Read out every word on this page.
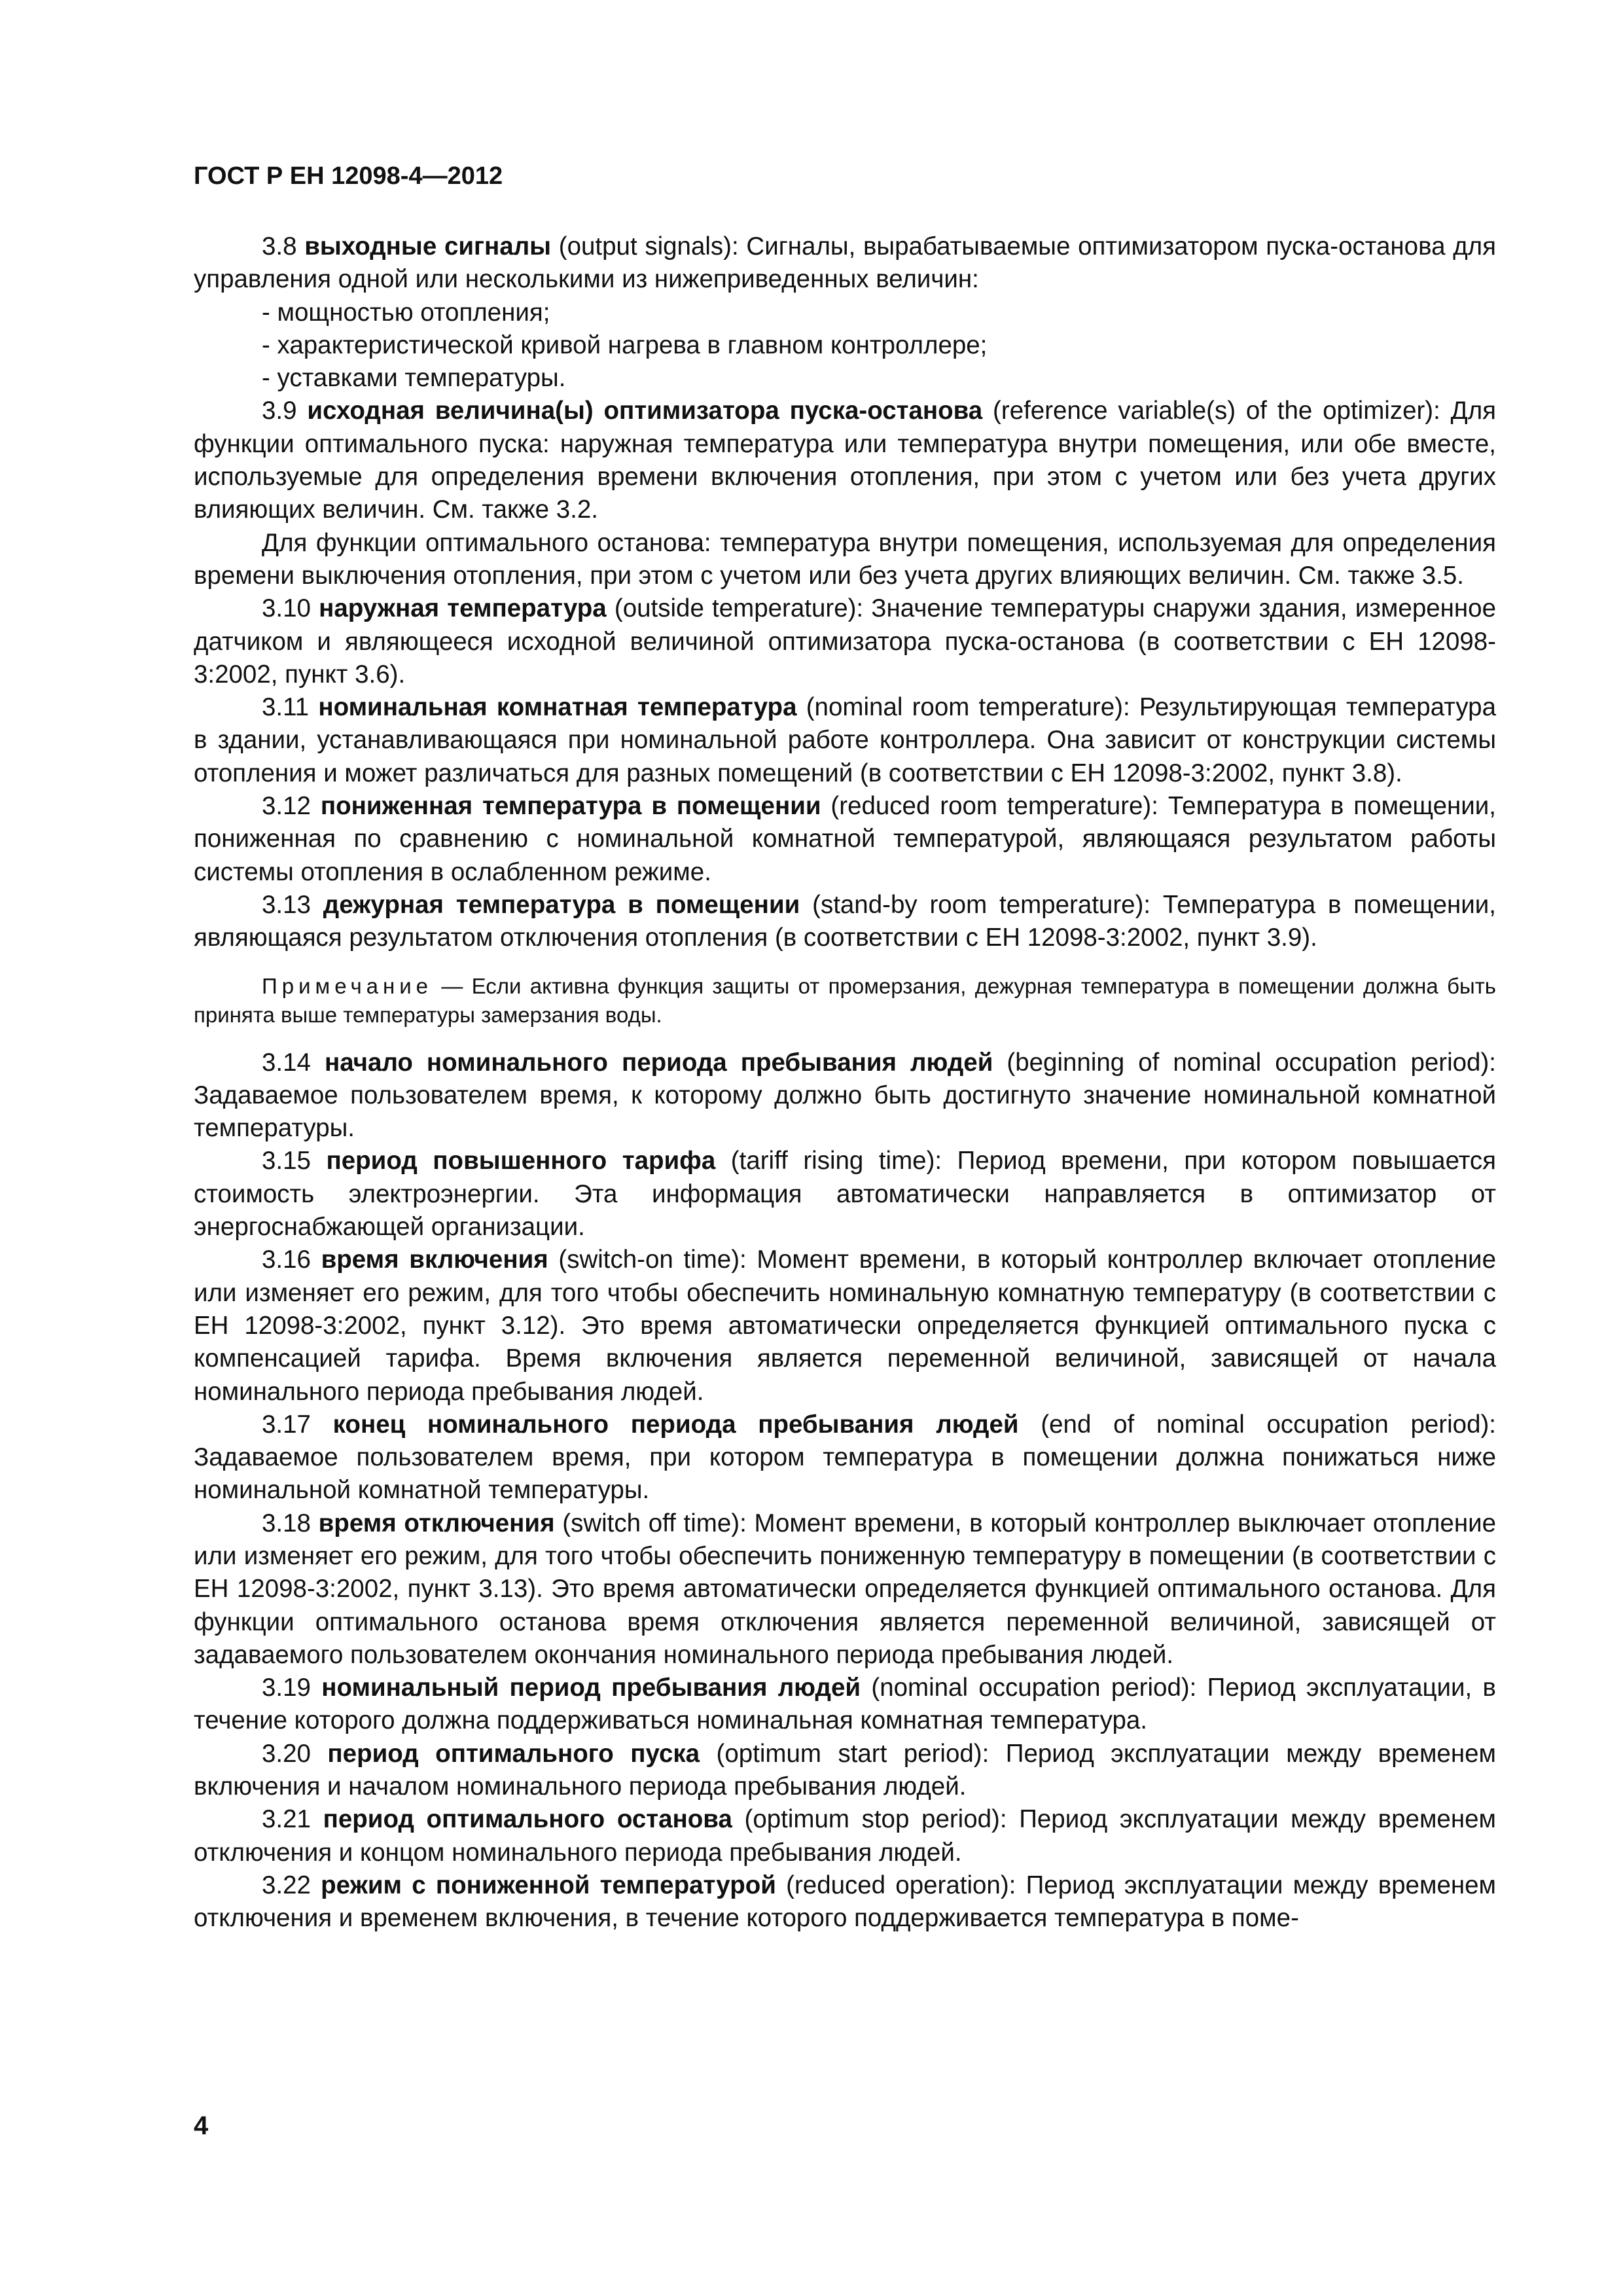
ГОСТ Р ЕН 12098-4—2012

3.8 выходные сигналы (output signals): Сигналы, вырабатываемые оптимизатором пуска-останова для управления одной или несколькими из нижеприведенных величин:

- мощностью отопления;

- характеристической кривой нагрева в главном контроллере;

- уставками температуры.

3.9 исходная величина(ы) оптимизатора пуска-останова (reference variable(s) of the optimizer): Для функции оптимального пуска: наружная температура или температура внутри помещения, или обе вместе, используемые для определения времени включения отопления, при этом с учетом или без учета других влияющих величин. См. также 3.2.

Для функции оптимального останова: температура внутри помещения, используемая для определения времени выключения отопления, при этом с учетом или без учета других влияющих величин. См. также 3.5.

3.10 наружная температура (outside temperature): Значение температуры снаружи здания, измеренное датчиком и являющееся исходной величиной оптимизатора пуска-останова (в соответствии с ЕН 12098-3:2002, пункт 3.6).

3.11 номинальная комнатная температура (nominal room temperature): Результирующая температура в здании, устанавливающаяся при номинальной работе контроллера. Она зависит от конструкции системы отопления и может различаться для разных помещений (в соответствии с ЕН 12098-3:2002, пункт 3.8).

3.12 пониженная температура в помещении (reduced room temperature): Температура в помещении, пониженная по сравнению с номинальной комнатной температурой, являющаяся результатом работы системы отопления в ослабленном режиме.

3.13 дежурная температура в помещении (stand-by room temperature): Температура в помещении, являющаяся результатом отключения отопления (в соответствии с ЕН 12098-3:2002, пункт 3.9).

Примечание — Если активна функция защиты от промерзания, дежурная температура в помещении должна быть принята выше температуры замерзания воды.

3.14 начало номинального периода пребывания людей (beginning of nominal occupation period): Задаваемое пользователем время, к которому должно быть достигнуто значение номинальной комнатной температуры.

3.15 период повышенного тарифа (tariff rising time): Период времени, при котором повышается стоимость электроэнергии. Эта информация автоматически направляется в оптимизатор от энергоснабжающей организации.

3.16 время включения (switch-on time): Момент времени, в который контроллер включает отопление или изменяет его режим, для того чтобы обеспечить номинальную комнатную температуру (в соответствии с ЕН 12098-3:2002, пункт 3.12). Это время автоматически определяется функцией оптимального пуска с компенсацией тарифа. Время включения является переменной величиной, зависящей от начала номинального периода пребывания людей.

3.17 конец номинального периода пребывания людей (end of nominal occupation period): Задаваемое пользователем время, при котором температура в помещении должна понижаться ниже номинальной комнатной температуры.

3.18 время отключения (switch off time): Момент времени, в который контроллер выключает отопление или изменяет его режим, для того чтобы обеспечить пониженную температуру в помещении (в соответствии с ЕН 12098-3:2002, пункт 3.13). Это время автоматически определяется функцией оптимального останова. Для функции оптимального останова время отключения является переменной величиной, зависящей от задаваемого пользователем окончания номинального периода пребывания людей.

3.19 номинальный период пребывания людей (nominal occupation period): Период эксплуатации, в течение которого должна поддерживаться номинальная комнатная температура.

3.20 период оптимального пуска (optimum start period): Период эксплуатации между временем включения и началом номинального периода пребывания людей.

3.21 период оптимального останова (optimum stop period): Период эксплуатации между временем отключения и концом номинального периода пребывания людей.

3.22 режим с пониженной температурой (reduced operation): Период эксплуатации между временем отключения и временем включения, в течение которого поддерживается температура в поме-

4
